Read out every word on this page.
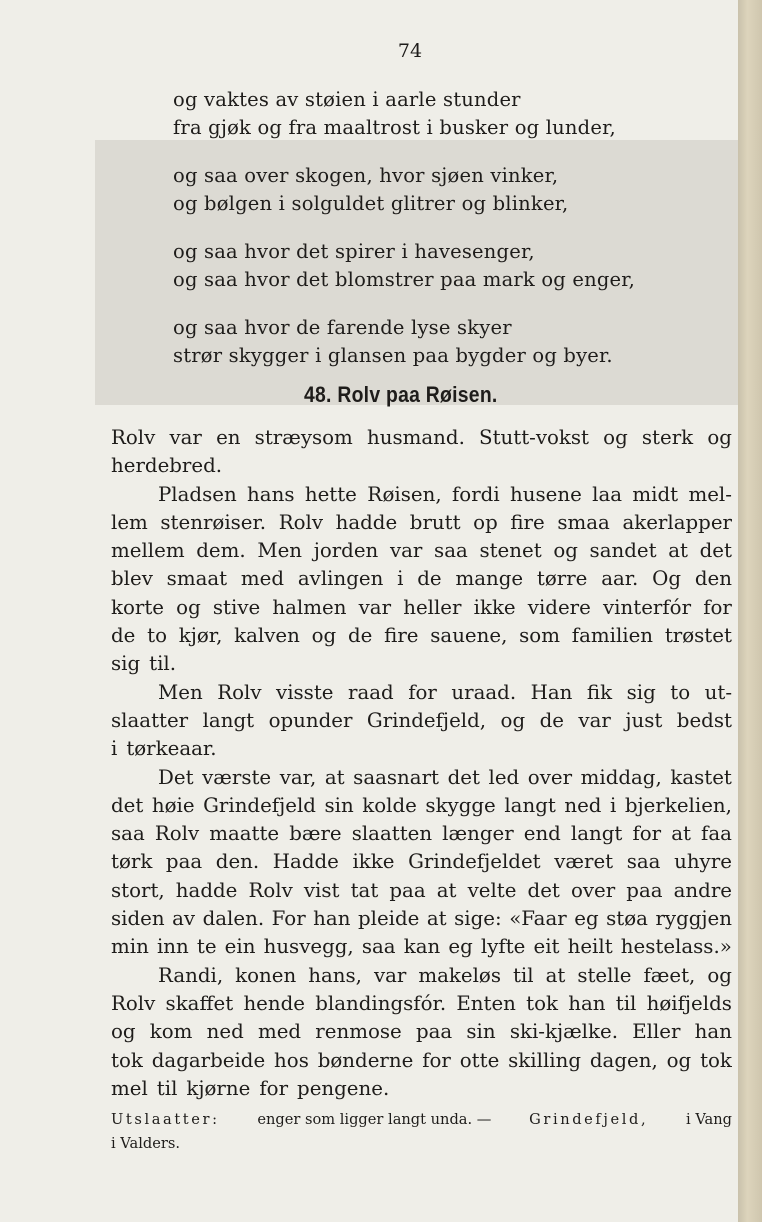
74
og vaktes av støien i aarle stunder
fra gjøk og fra maaltrost i busker og lunder,
og saa over skogen, hvor sjøen vinker,
og bølgen i solguldet glitrer og blinker,
og saa hvor det spirer i havesenger,
og saa hvor det blomstrer paa mark og enger,
og saa hvor de farende lyse skyer
strør skygger i glansen paa bygder og byer.
48. Rolv paa Røisen.
Rolv var en stræysom husmand. Stutt-vokst og sterk og
herdebred.
Pladsen hans hette Røisen, fordi husene laa midt mel-
lem stenrøiser. Rolv hadde brutt op fire smaa akerlapper
mellem dem. Men jorden var saa stenet og sandet at det
blev smaat med avlingen i de mange tørre aar. Og den
korte og stive halmen var heller ikke videre vinterfór for
de to kjør, kalven og de fire sauene, som familien trøstet
sig til.
Men Rolv visste raad for uraad. Han fik sig to ut-
slaatter langt opunder Grindefjeld, og de var just bedst
i tørkeaar.
Det værste var, at saasnart det led over middag, kastet
det høie Grindefjeld sin kolde skygge langt ned i bjerkelien,
saa Rolv maatte bære slaatten længer end langt for at faa
tørk paa den. Hadde ikke Grindefjeldet været saa uhyre
stort, hadde Rolv vist tat paa at velte det over paa andre
siden av dalen. For han pleide at sige: «Faar eg støa ryggjen
min inn te ein husvegg, saa kan eg lyfte eit heilt hestelass.»
Randi, konen hans, var makeløs til at stelle fæet, og
Rolv skaffet hende blandingsfór. Enten tok han til høifjelds
og kom ned med renmose paa sin ski-kjælke. Eller han
tok dagarbeide hos bønderne for otte skilling dagen, og tok
mel til kjørne for pengene.
Utslaatter:	enger som ligger langt unda. —	Grindefjeld,	i Vang
i Valders.
